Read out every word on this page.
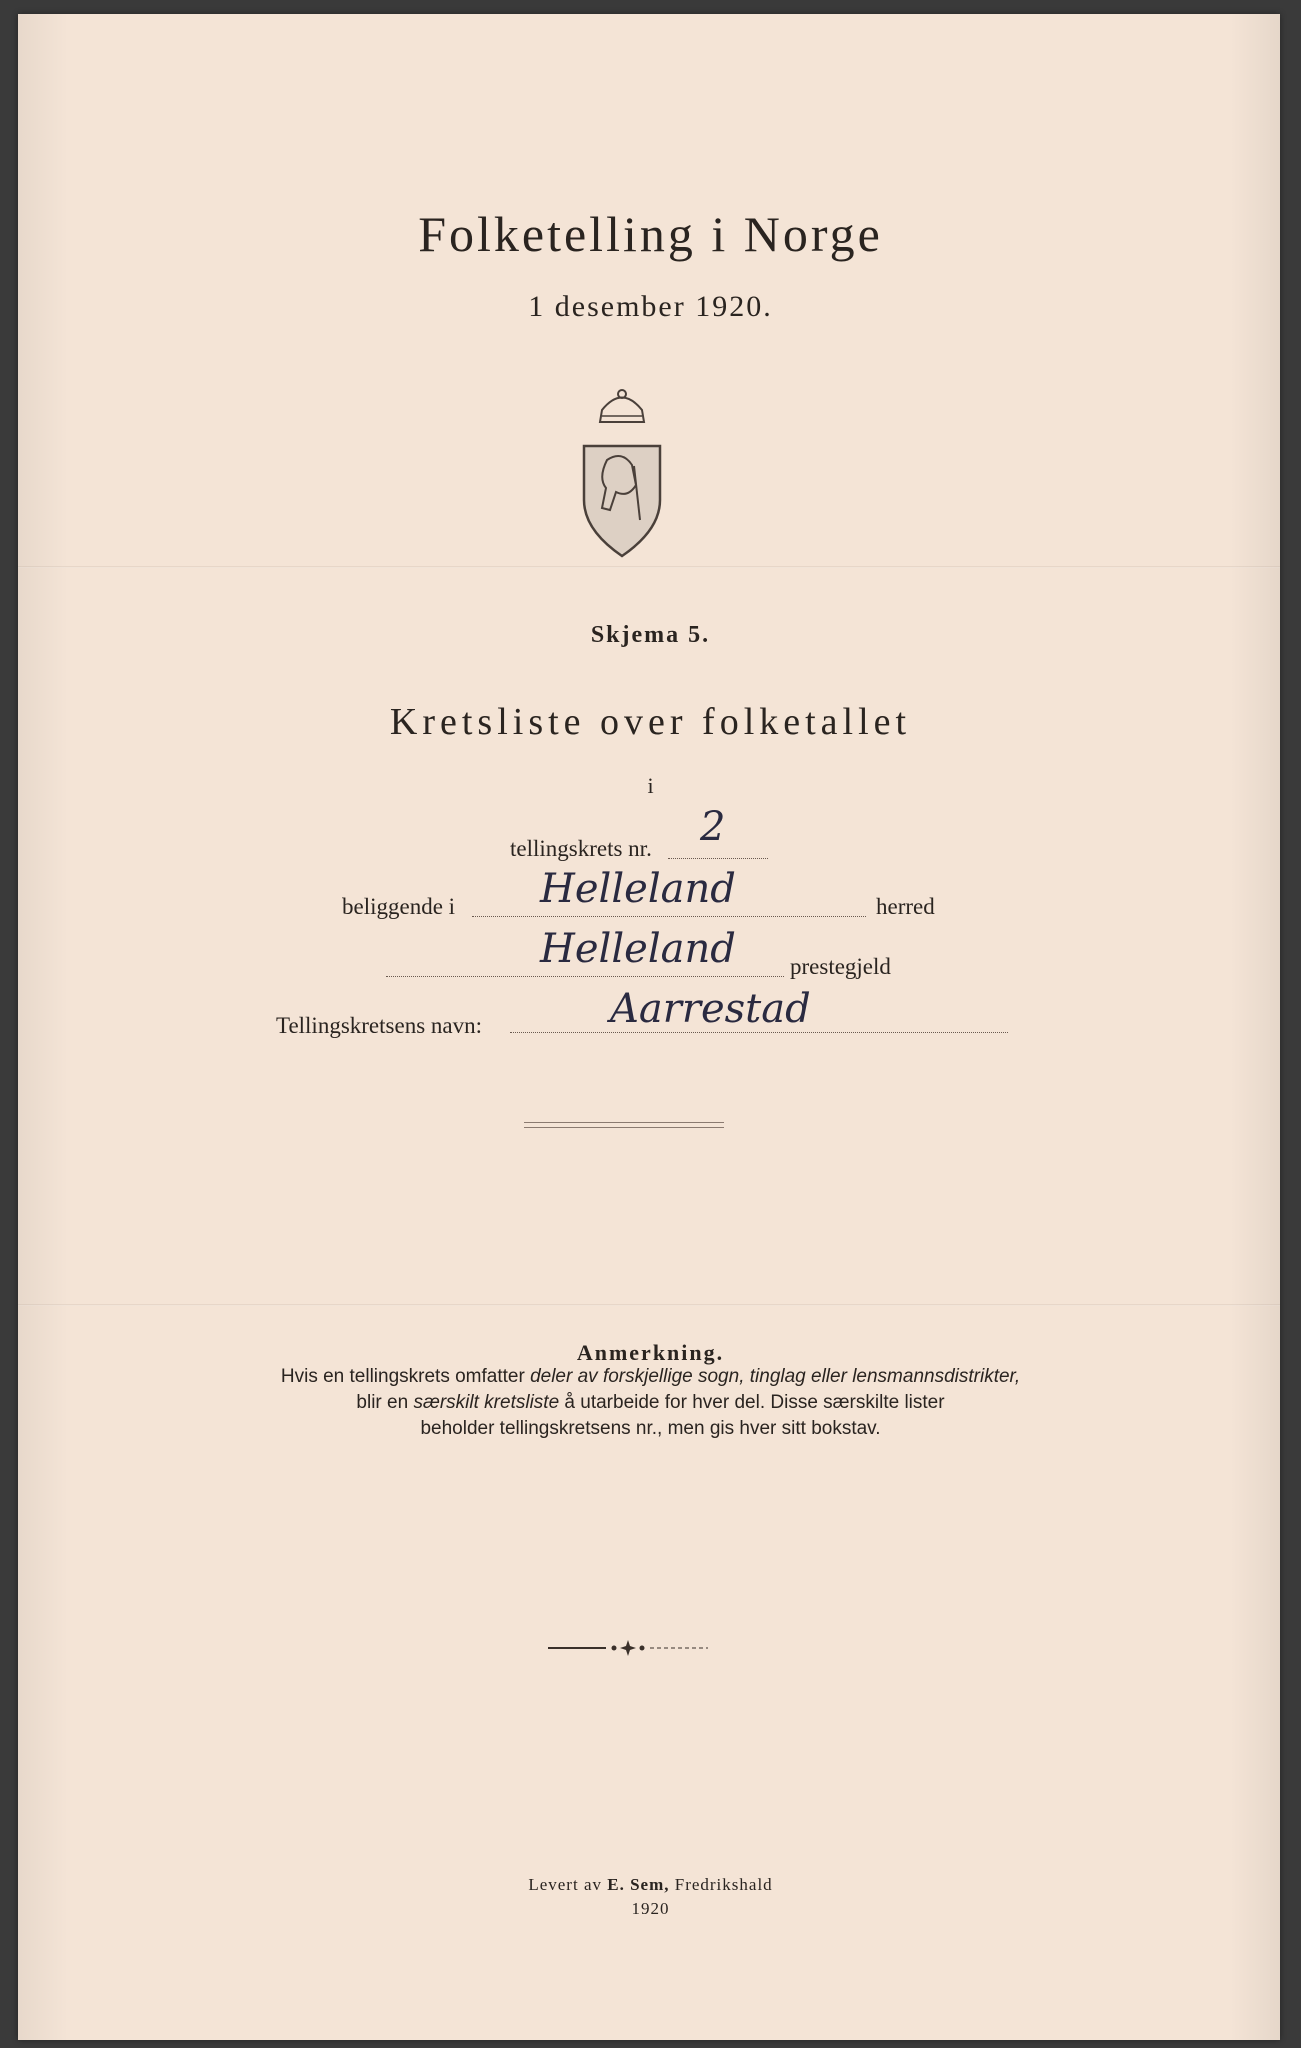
Folketelling i Norge
1 desember 1920.
Skjema 5.
Kretsliste over folketallet
i
tellingskrets nr. 2
beliggende i Helleland	herred
Helleland prestegjeld
Tellingskretsens navn:	Aarrestad
Anmerkning.
Hvis en tellingskrets omfatter deler av forskjellige sogn, tinglag eller lensmannsdistrikter,
blir en særskilt kretsliste å utarbeide for hver del. Disse særskilte lister
beholder tellingskretsens nr., men gis hver sitt bokstav.
Levert av E. Sem, Fredrikshald
1920
